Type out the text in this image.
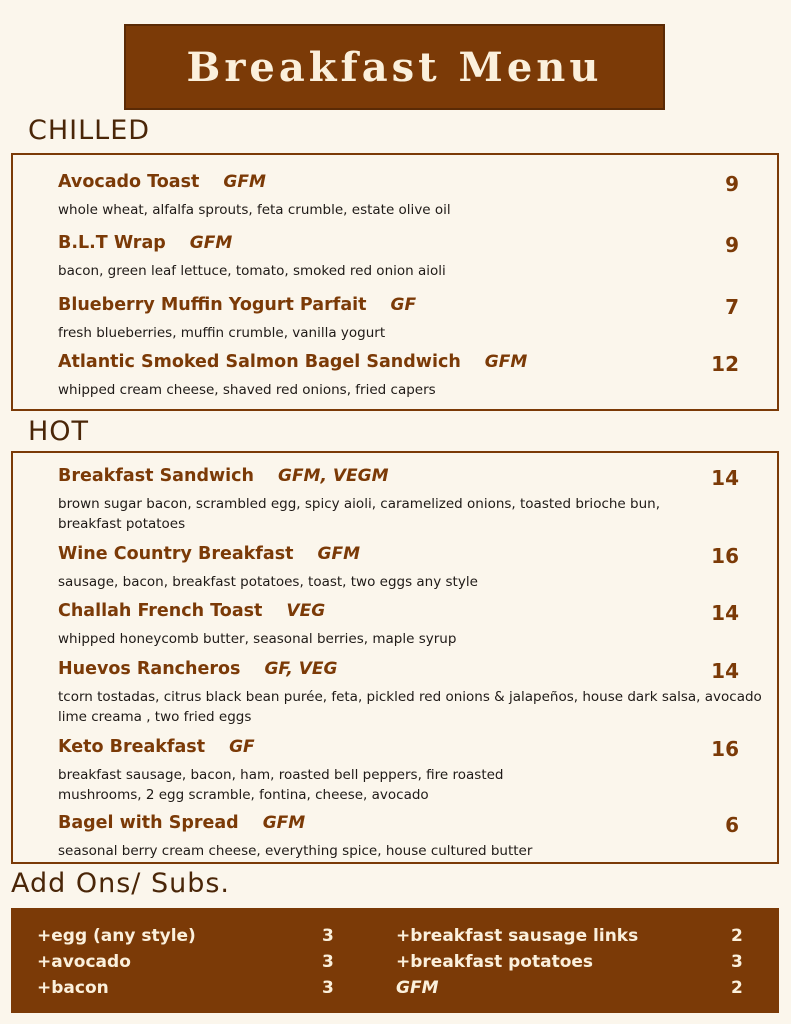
Breakfast Menu
CHILLED
Avocado Toast GFM	9
whole wheat, alfalfa sprouts, feta crumble, estate olive oil
B.L.T Wrap GFM	9
bacon, green leaf lettuce, tomato, smoked red onion aioli
Blueberry Muffin Yogurt Parfait GF	7
fresh blueberries, muffin crumble, vanilla yogurt
Atlantic Smoked Salmon Bagel Sandwich GFM	12
whipped cream cheese, shaved red onions, fried capers
HOT
Breakfast Sandwich GFM, VEGM	14
brown sugar bacon, scrambled egg, spicy aioli, caramelized onions, toasted brioche bun, breakfast potatoes
Wine Country Breakfast GFM	16
sausage, bacon, breakfast potatoes, toast, two eggs any style
Challah French Toast VEG	14
whipped honeycomb butter, seasonal berries, maple syrup
Huevos Rancheros GF, VEG	14
tcorn tostadas, citrus black bean purée, feta, pickled red onions & jalapeños, house dark salsa, avocado lime creama , two fried eggs
Keto Breakfast GF	16
breakfast sausage, bacon, ham, roasted bell peppers, fire roasted mushrooms, 2 egg scramble, fontina, cheese, avocado
Bagel with Spread GFM	6
seasonal berry cream cheese, everything spice, house cultured butter
Add Ons/ Subs.
+egg (any style)	3
+avocado	3
+bacon	3
+breakfast sausage links	2
+breakfast potatoes	3
GFM	2
